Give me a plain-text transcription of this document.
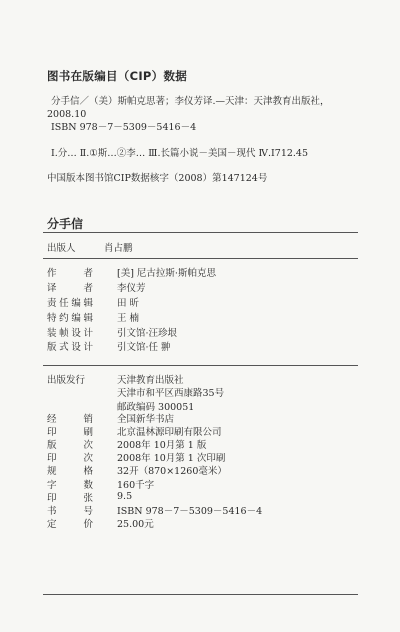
图书在版编目（CIP）数据
分手信／（美）斯帕克思著；李仪芳译.—天津：天津教育出版社，
2008.10
ISBN 978－7－5309－5416－4
Ⅰ.分… Ⅱ.①斯…②李… Ⅲ.长篇小说－美国－现代 Ⅳ.I712.45
中国版本图书馆CIP数据核字（2008）第147124号
分手信
出版人	肖占鹏
作者	[美] 尼古拉斯·斯帕克思
译者	李仪芳
责任编辑	田 昕
特约编辑	王 楠
装帧设计	引文馆·汪珍垠
版式设计	引文馆·任 翀
出版发行	天津教育出版社
天津市和平区西康路35号
邮政编码 300051
经销	全国新华书店
印刷	北京温林源印刷有限公司
版次	2008年 10月第 1 版
印次	2008年 10月第 1 次印刷
规格	32开（870×1260毫米）
字数	160千字
印张	9.5
书号	ISBN 978－7－5309－5416－4
定价	25.00元
